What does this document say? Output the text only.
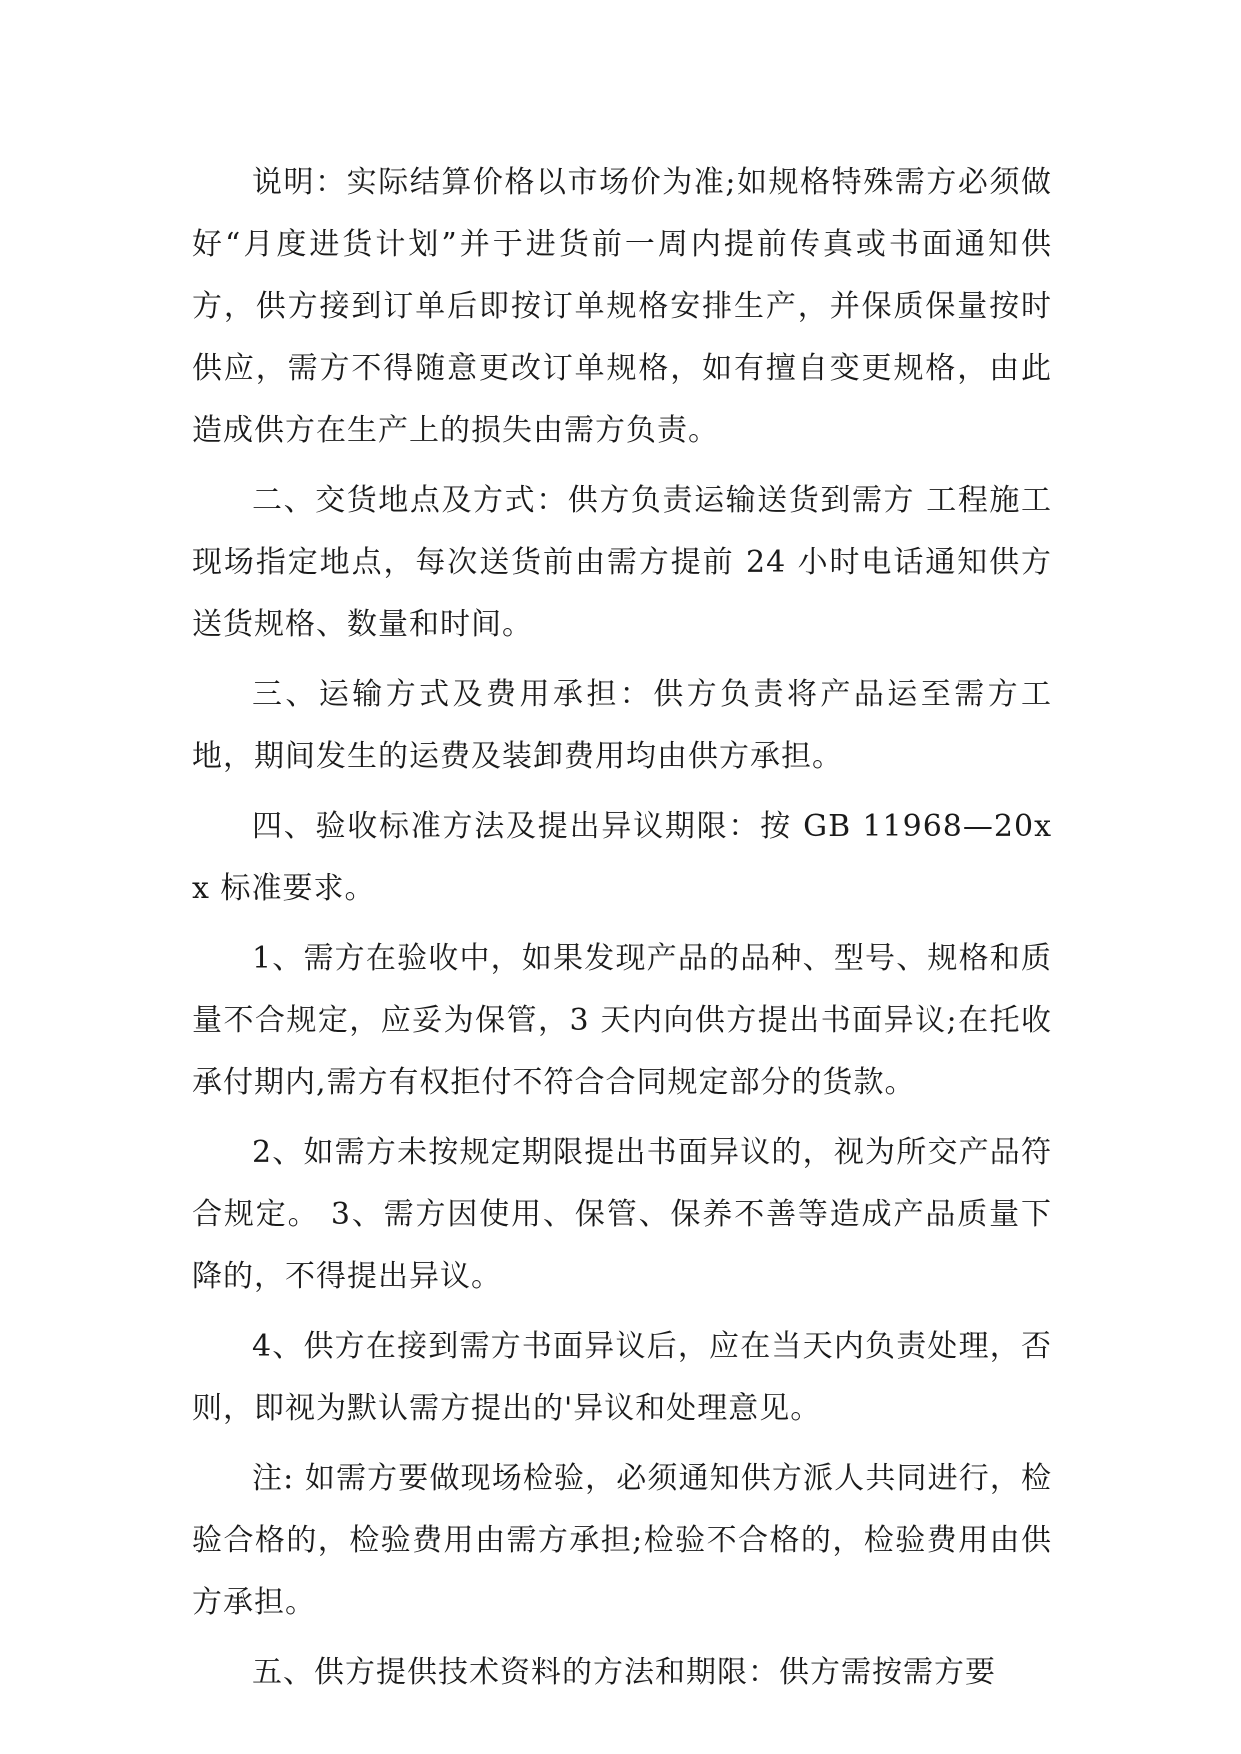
说明：实际结算价格以市场价为准;如规格特殊需方必须做好“月度进货计划”并于进货前一周内提前传真或书面通知供方，供方接到订单后即按订单规格安排生产，并保质保量按时供应，需方不得随意更改订单规格，如有擅自变更规格，由此造成供方在生产上的损失由需方负责。

二、交货地点及方式：供方负责运输送货到需方 工程施工现场指定地点，每次送货前由需方提前 24 小时电话通知供方送货规格、数量和时间。

三、运输方式及费用承担：供方负责将产品运至需方工地，期间发生的运费及装卸费用均由供方承担。

四、验收标准方法及提出异议期限：按 GB 11968—20xx 标准要求。

1、需方在验收中，如果发现产品的品种、型号、规格和质量不合规定，应妥为保管，3 天内向供方提出书面异议;在托收承付期内,需方有权拒付不符合合同规定部分的货款。

2、如需方未按规定期限提出书面异议的，视为所交产品符合规定。 3、需方因使用、保管、保养不善等造成产品质量下降的，不得提出异议。

4、供方在接到需方书面异议后，应在当天内负责处理，否则，即视为默认需方提出的'异议和处理意见。

注: 如需方要做现场检验，必须通知供方派人共同进行，检验合格的，检验费用由需方承担;检验不合格的，检验费用由供方承担。

五、供方提供技术资料的方法和期限：供方需按需方要
